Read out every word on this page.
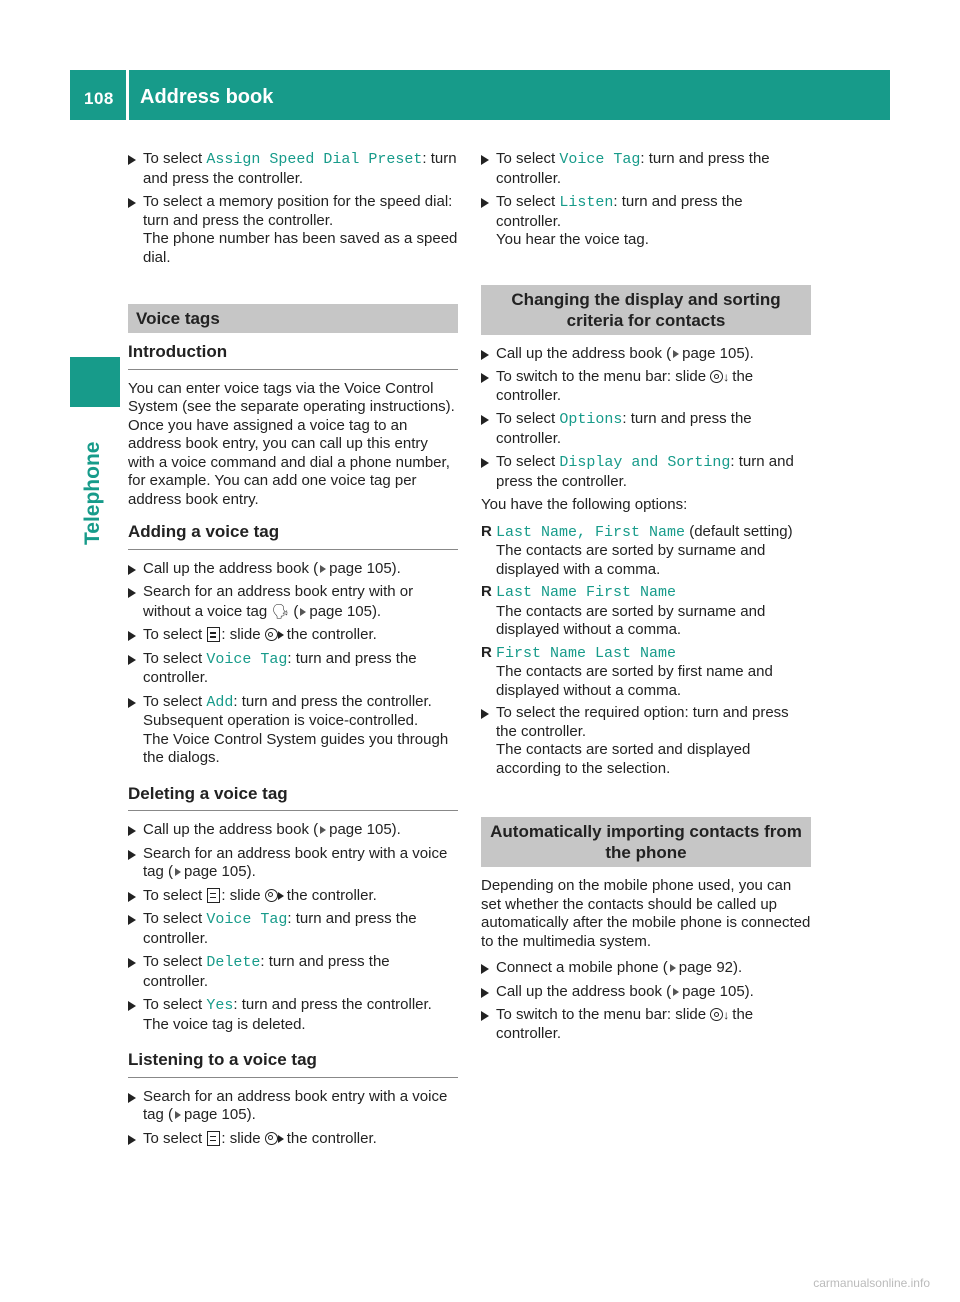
108 Address book
Telephone
To select Assign Speed Dial Preset: turn and press the controller.
To select a memory position for the speed dial: turn and press the controller.
The phone number has been saved as a speed dial.
Voice tags
Introduction
You can enter voice tags via the Voice Control System (see the separate operating instructions). Once you have assigned a voice tag to an address book entry, you can call up this entry with a voice command and dial a phone number, for example. You can add one voice tag per address book entry.
Adding a voice tag
Call up the address book ( page 105).
Search for an address book entry with or without a voice tag 🗣 ( page 105).
To select : slide the controller.
To select Voice Tag: turn and press the controller.
To select Add: turn and press the controller.
Subsequent operation is voice-controlled.
The Voice Control System guides you through the dialogs.
Deleting a voice tag
Call up the address book ( page 105).
Search for an address book entry with a voice tag ( page 105).
To select : slide the controller.
To select Voice Tag: turn and press the controller.
To select Delete: turn and press the controller.
To select Yes: turn and press the controller.
The voice tag is deleted.
Listening to a voice tag
Search for an address book entry with a voice tag ( page 105).
To select : slide the controller.
To select Voice Tag: turn and press the controller.
To select Listen: turn and press the controller.
You hear the voice tag.
Changing the display and sorting criteria for contacts
Call up the address book ( page 105).
To switch to the menu bar: slide ↓ the controller.
To select Options: turn and press the controller.
To select Display and Sorting: turn and press the controller.
You have the following options:
R Last Name, First Name (default setting)
The contacts are sorted by surname and displayed with a comma.
R Last Name First Name
The contacts are sorted by surname and displayed without a comma.
R First Name Last Name
The contacts are sorted by first name and displayed without a comma.
To select the required option: turn and press the controller.
The contacts are sorted and displayed according to the selection.
Automatically importing contacts from the phone
Depending on the mobile phone used, you can set whether the contacts should be called up automatically after the mobile phone is connected to the multimedia system.
Connect a mobile phone ( page 92).
Call up the address book ( page 105).
To switch to the menu bar: slide ↓ the controller.
carmanualsonline.info
